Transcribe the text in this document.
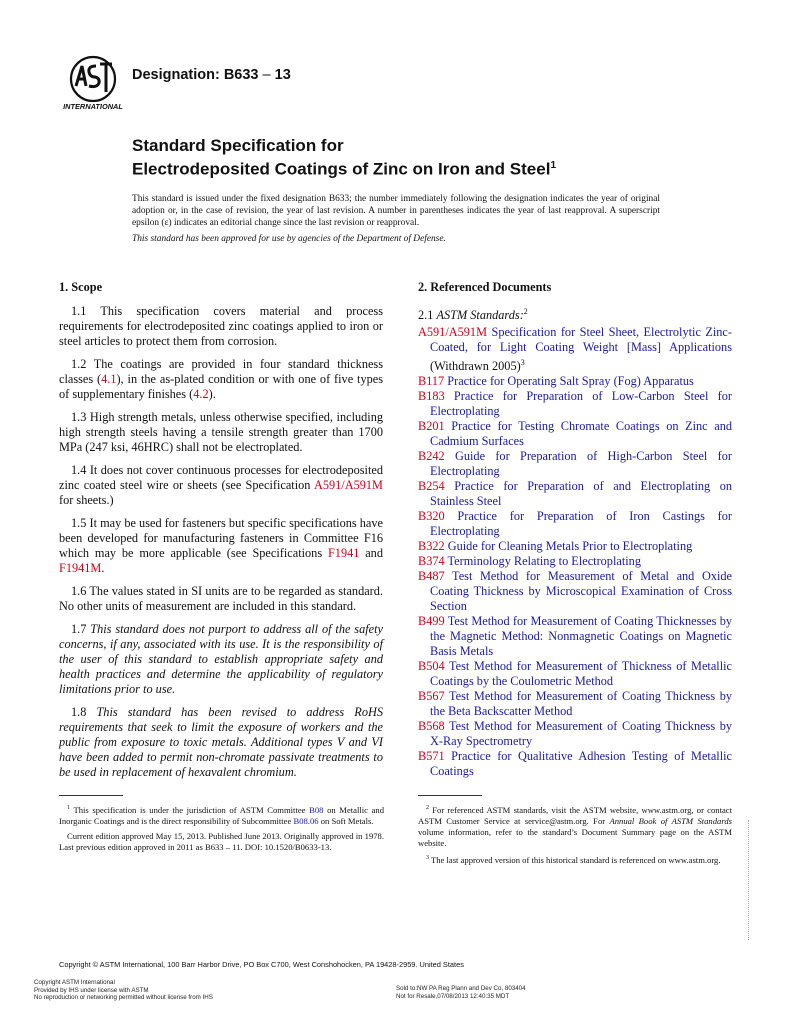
INTERNATIONAL
Designation: B633 – 13
Standard Specification for
Electrodeposited Coatings of Zinc on Iron and Steel$^1$
This standard is issued under the fixed designation B633; the number immediately following the designation indicates the year of original adoption or, in the case of revision, the year of last revision. A number in parentheses indicates the year of last reapproval. A superscript epsilon (ε) indicates an editorial change since the last revision or reapproval.
This standard has been approved for use by agencies of the Department of Defense.
1. Scope

1.1 This specification covers material and process requirements for electrodeposited zinc coatings applied to iron or steel articles to protect them from corrosion.

1.2 The coatings are provided in four standard thickness classes (4.1), in the as-plated condition or with one of five types of supplementary finishes (4.2).

1.3 High strength metals, unless otherwise specified, including high strength steels having a tensile strength greater than 1700 MPa (247 ksi, 46HRC) shall not be electroplated.

1.4 It does not cover continuous processes for electrodeposited zinc coated steel wire or sheets (see Specification A591/A591M for sheets.)

1.5 It may be used for fasteners but specific specifications have been developed for manufacturing fasteners in Committee F16 which may be more applicable (see Specifications F1941 and F1941M.

1.6 The values stated in SI units are to be regarded as standard. No other units of measurement are included in this standard.

1.7 This standard does not purport to address all of the safety concerns, if any, associated with its use. It is the responsibility of the user of this standard to establish appropriate safety and health practices and determine the applicability of regulatory limitations prior to use.

1.8 This standard has been revised to address RoHS requirements that seek to limit the exposure of workers and the public from exposure to toxic metals. Additional types V and VI have been added to permit non-chromate passivate treatments to be used in replacement of hexavalent chromium.

2. Referenced Documents
2.1 ASTM Standards:$^2$
A591/A591M Specification for Steel Sheet, Electrolytic Zinc-Coated, for Light Coating Weight [Mass] Applications (Withdrawn 2005)$^3$
B117 Practice for Operating Salt Spray (Fog) Apparatus
B183 Practice for Preparation of Low-Carbon Steel for Electroplating
B201 Practice for Testing Chromate Coatings on Zinc and Cadmium Surfaces
B242 Guide for Preparation of High-Carbon Steel for Electroplating
B254 Practice for Preparation of and Electroplating on Stainless Steel
B320 Practice for Preparation of Iron Castings for Electroplating
B322 Guide for Cleaning Metals Prior to Electroplating
B374 Terminology Relating to Electroplating
B487 Test Method for Measurement of Metal and Oxide Coating Thickness by Microscopical Examination of Cross Section
B499 Test Method for Measurement of Coating Thicknesses by the Magnetic Method: Nonmagnetic Coatings on Magnetic Basis Metals
B504 Test Method for Measurement of Thickness of Metallic Coatings by the Coulometric Method
B567 Test Method for Measurement of Coating Thickness by the Beta Backscatter Method
B568 Test Method for Measurement of Coating Thickness by X-Ray Spectrometry
B571 Practice for Qualitative Adhesion Testing of Metallic Coatings

$^1$ This specification is under the jurisdiction of ASTM Committee B08 on Metallic and Inorganic Coatings and is the direct responsibility of Subcommittee B08.06 on Soft Metals.

Current edition approved May 15, 2013. Published June 2013. Originally approved in 1978. Last previous edition approved in 2011 as B633 – 11. DOI: 10.1520/B0633-13.

$^2$ For referenced ASTM standards, visit the ASTM website, www.astm.org, or contact ASTM Customer Service at service@astm.org. For Annual Book of ASTM Standards volume information, refer to the standard’s Document Summary page on the ASTM website.

$^3$ The last approved version of this historical standard is referenced on www.astm.org.

Copyright © ASTM International, 100 Barr Harbor Drive, PO Box C700, West Conshohocken, PA 19428-2959. United States
Copyright ASTM International
Provided by IHS under license with ASTM
No reproduction or networking permitted without license from IHS
Sold to:NW PA Reg Plann and Dev Co, 803404
Not for Resale,07/08/2013 12:40:35 MDT
